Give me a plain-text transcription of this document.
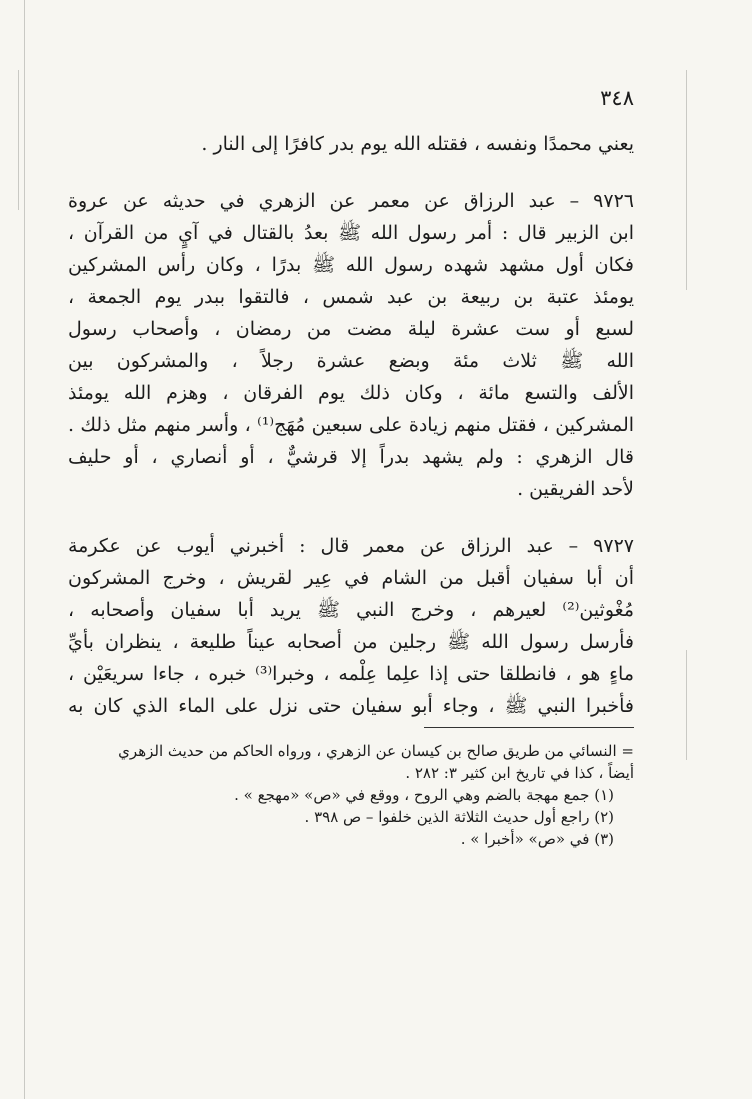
٣٤٨

يعني محمدًا ونفسه ، فقتله الله يوم بدر كافرًا إلى النار .

٩٧٢٦ – عبد الرزاق عن معمر عن الزهري في حديثه عن عروة

ابن الزبير قال : أمر رسول الله ﷺ بعدُ بالقتال في آيٍ من القرآن ،

فكان أول مشهد شهده رسول الله ﷺ بدرًا ، وكان رأس المشركين

يومئذ عتبة بن ربيعة بن عبد شمس ، فالتقوا ببدر يوم الجمعة ،

لسبع أو ست عشرة ليلة مضت من رمضان ، وأصحاب رسول

الله ﷺ ثلاث مئة وبضع عشرة رجلاً ، والمشركون بين

الألف والتسع مائة ، وكان ذلك يوم الفرقان ، وهزم الله يومئذ

المشركين ، فقتل منهم زيادة على سبعين مُهَج⁽¹⁾ ، وأسر منهم مثل ذلك .

قال الزهري : ولم يشهد بدراً إلا قرشيٌّ ، أو أنصاري ، أو حليف

لأحد الفريقين .

٩٧٢٧ – عبد الرزاق عن معمر قال : أخبرني أيوب عن عكرمة

أن أبا سفيان أقبل من الشام في عِير لقريش ، وخرج المشركون

مُغْوثين⁽²⁾ لعيرهم ، وخرج النبي ﷺ يريد أبا سفيان وأصحابه ،

فأرسل رسول الله ﷺ رجلين من أصحابه عيناً طليعة ، ينظران بأيِّ

ماءٍ هو ، فانطلقا حتى إذا علِما عِلْمه ، وخبرا⁽³⁾ خبره ، جاءا سريعَيْن ،

فأخبرا النبي ﷺ ، وجاء أبو سفيان حتى نزل على الماء الذي كان به

= النسائي من طريق صالح بن كيسان عن الزهري ، ورواه الحاكم من حديث الزهري

أيضاً ، كذا في تاريخ ابن كثير ٣: ٢٨٢ .

(١) جمع مهجة بالضم وهي الروح ، ووقع في «ص» «مهجع » .

(٢) راجع أول حديث الثلاثة الذين خلفوا – ص ٣٩٨ .

(٣) في «ص» «أخبرا » .
